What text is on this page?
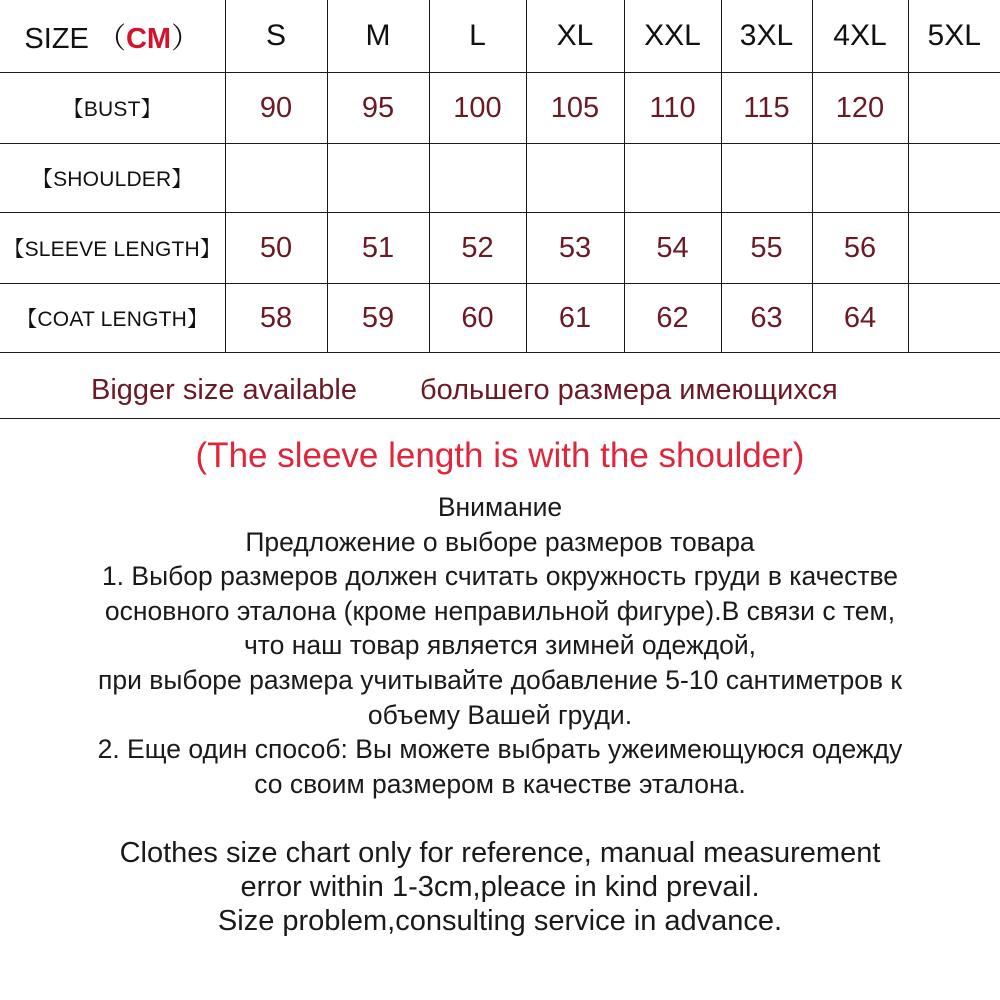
SIZE （CM）	S	M	L	XL	XXL	3XL	4XL	5XL
【BUST】	90	95	100	105	110	115	120	
【SHOULDER】								
【SLEEVE LENGTH】	50	51	52	53	54	55	56	
【COAT LENGTH】	58	59	60	61	62	63	64	
Bigger size available большего размера имеющихся
(The sleeve length is with the shoulder)
Внимание
Предложение о выборе размеров товара
1. Выбор размеров должен считать окружность груди в качестве
основного эталона (кроме неправильной фигуре).В связи с тем,
что наш товар является зимней одеждой,
при выборе размера учитывайте добавление 5-10 сантиметров к
объему Вашей груди.
2. Еще один способ: Вы можете выбрать ужеимеющуюся одежду
со своим размером в качестве эталона.
Clothes size chart only for reference, manual measurement
error within 1-3cm,pleace in kind prevail.
Size problem,consulting service in advance.
